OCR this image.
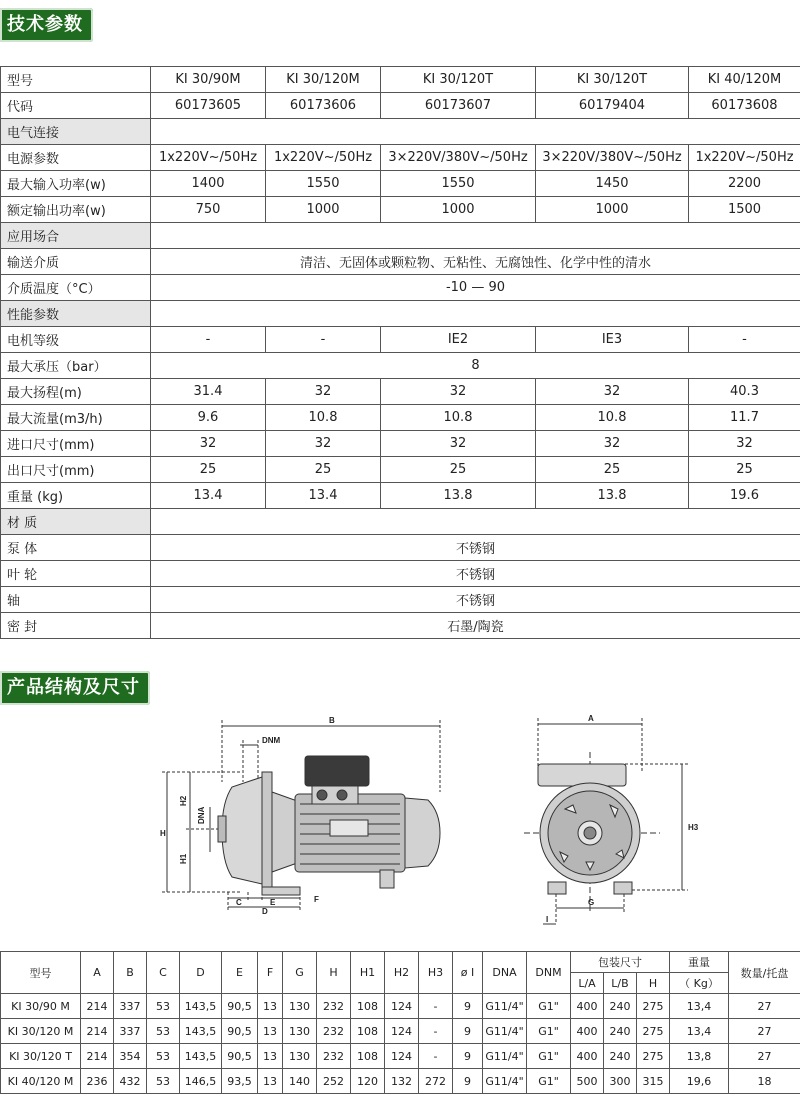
技术参数
型号	KI 30/90M	KI 30/120M	KI 30/120T	KI 30/120T	KI 40/120M
代码	60173605	60173606	60173607	60179404	60173608
电气连接					
电源参数	1x220V~/50Hz	1x220V~/50Hz	3×220V/380V~/50Hz	3×220V/380V~/50Hz	1x220V~/50Hz
最大输入功率(w)	1400	1550	1550	1450	2200
额定输出功率(w)	750	1000	1000	1000	1500
应用场合					
输送介质	清洁、无固体或颗粒物、无粘性、无腐蚀性、化学中性的清水				
介质温度（°C）	-10 — 90				
性能参数					
电机等级	-	-	IE2	IE3	-
最大承压（bar）	8				
最大扬程(m)	31.4	32	32	32	40.3
最大流量(m3/h)	9.6	10.8	10.8	10.8	11.7
进口尺寸(mm)	32	32	32	32	32
出口尺寸(mm)	25	25	25	25	25
重量 (kg)	13.4	13.4	13.8	13.8	19.6
材 质					
泵 体	不锈钢				
叶 轮	不锈钢				
轴	不锈钢				
密 封	石墨/陶瓷				
产品结构及尺寸
B
DNM
H
H1
H2
DNA
C	E
D
F
A
H3
G
I
型号	A	B	C	D	E	F	G	H	H1	H2	H3	ø I	DNA	DNM	包装尺寸			重量	数量/托盘
															L/A	L/B	H	（ Kg）	
KI 30/90 M	214	337	53	143,5	90,5	13	130	232	108	124	-	9	G11/4"	G1"	400	240	275	13,4	27
KI 30/120 M	214	337	53	143,5	90,5	13	130	232	108	124	-	9	G11/4"	G1"	400	240	275	13,4	27
KI 30/120 T	214	354	53	143,5	90,5	13	130	232	108	124	-	9	G11/4"	G1"	400	240	275	13,8	27
KI 40/120 M	236	432	53	146,5	93,5	13	140	252	120	132	272	9	G11/4"	G1"	500	300	315	19,6	18
